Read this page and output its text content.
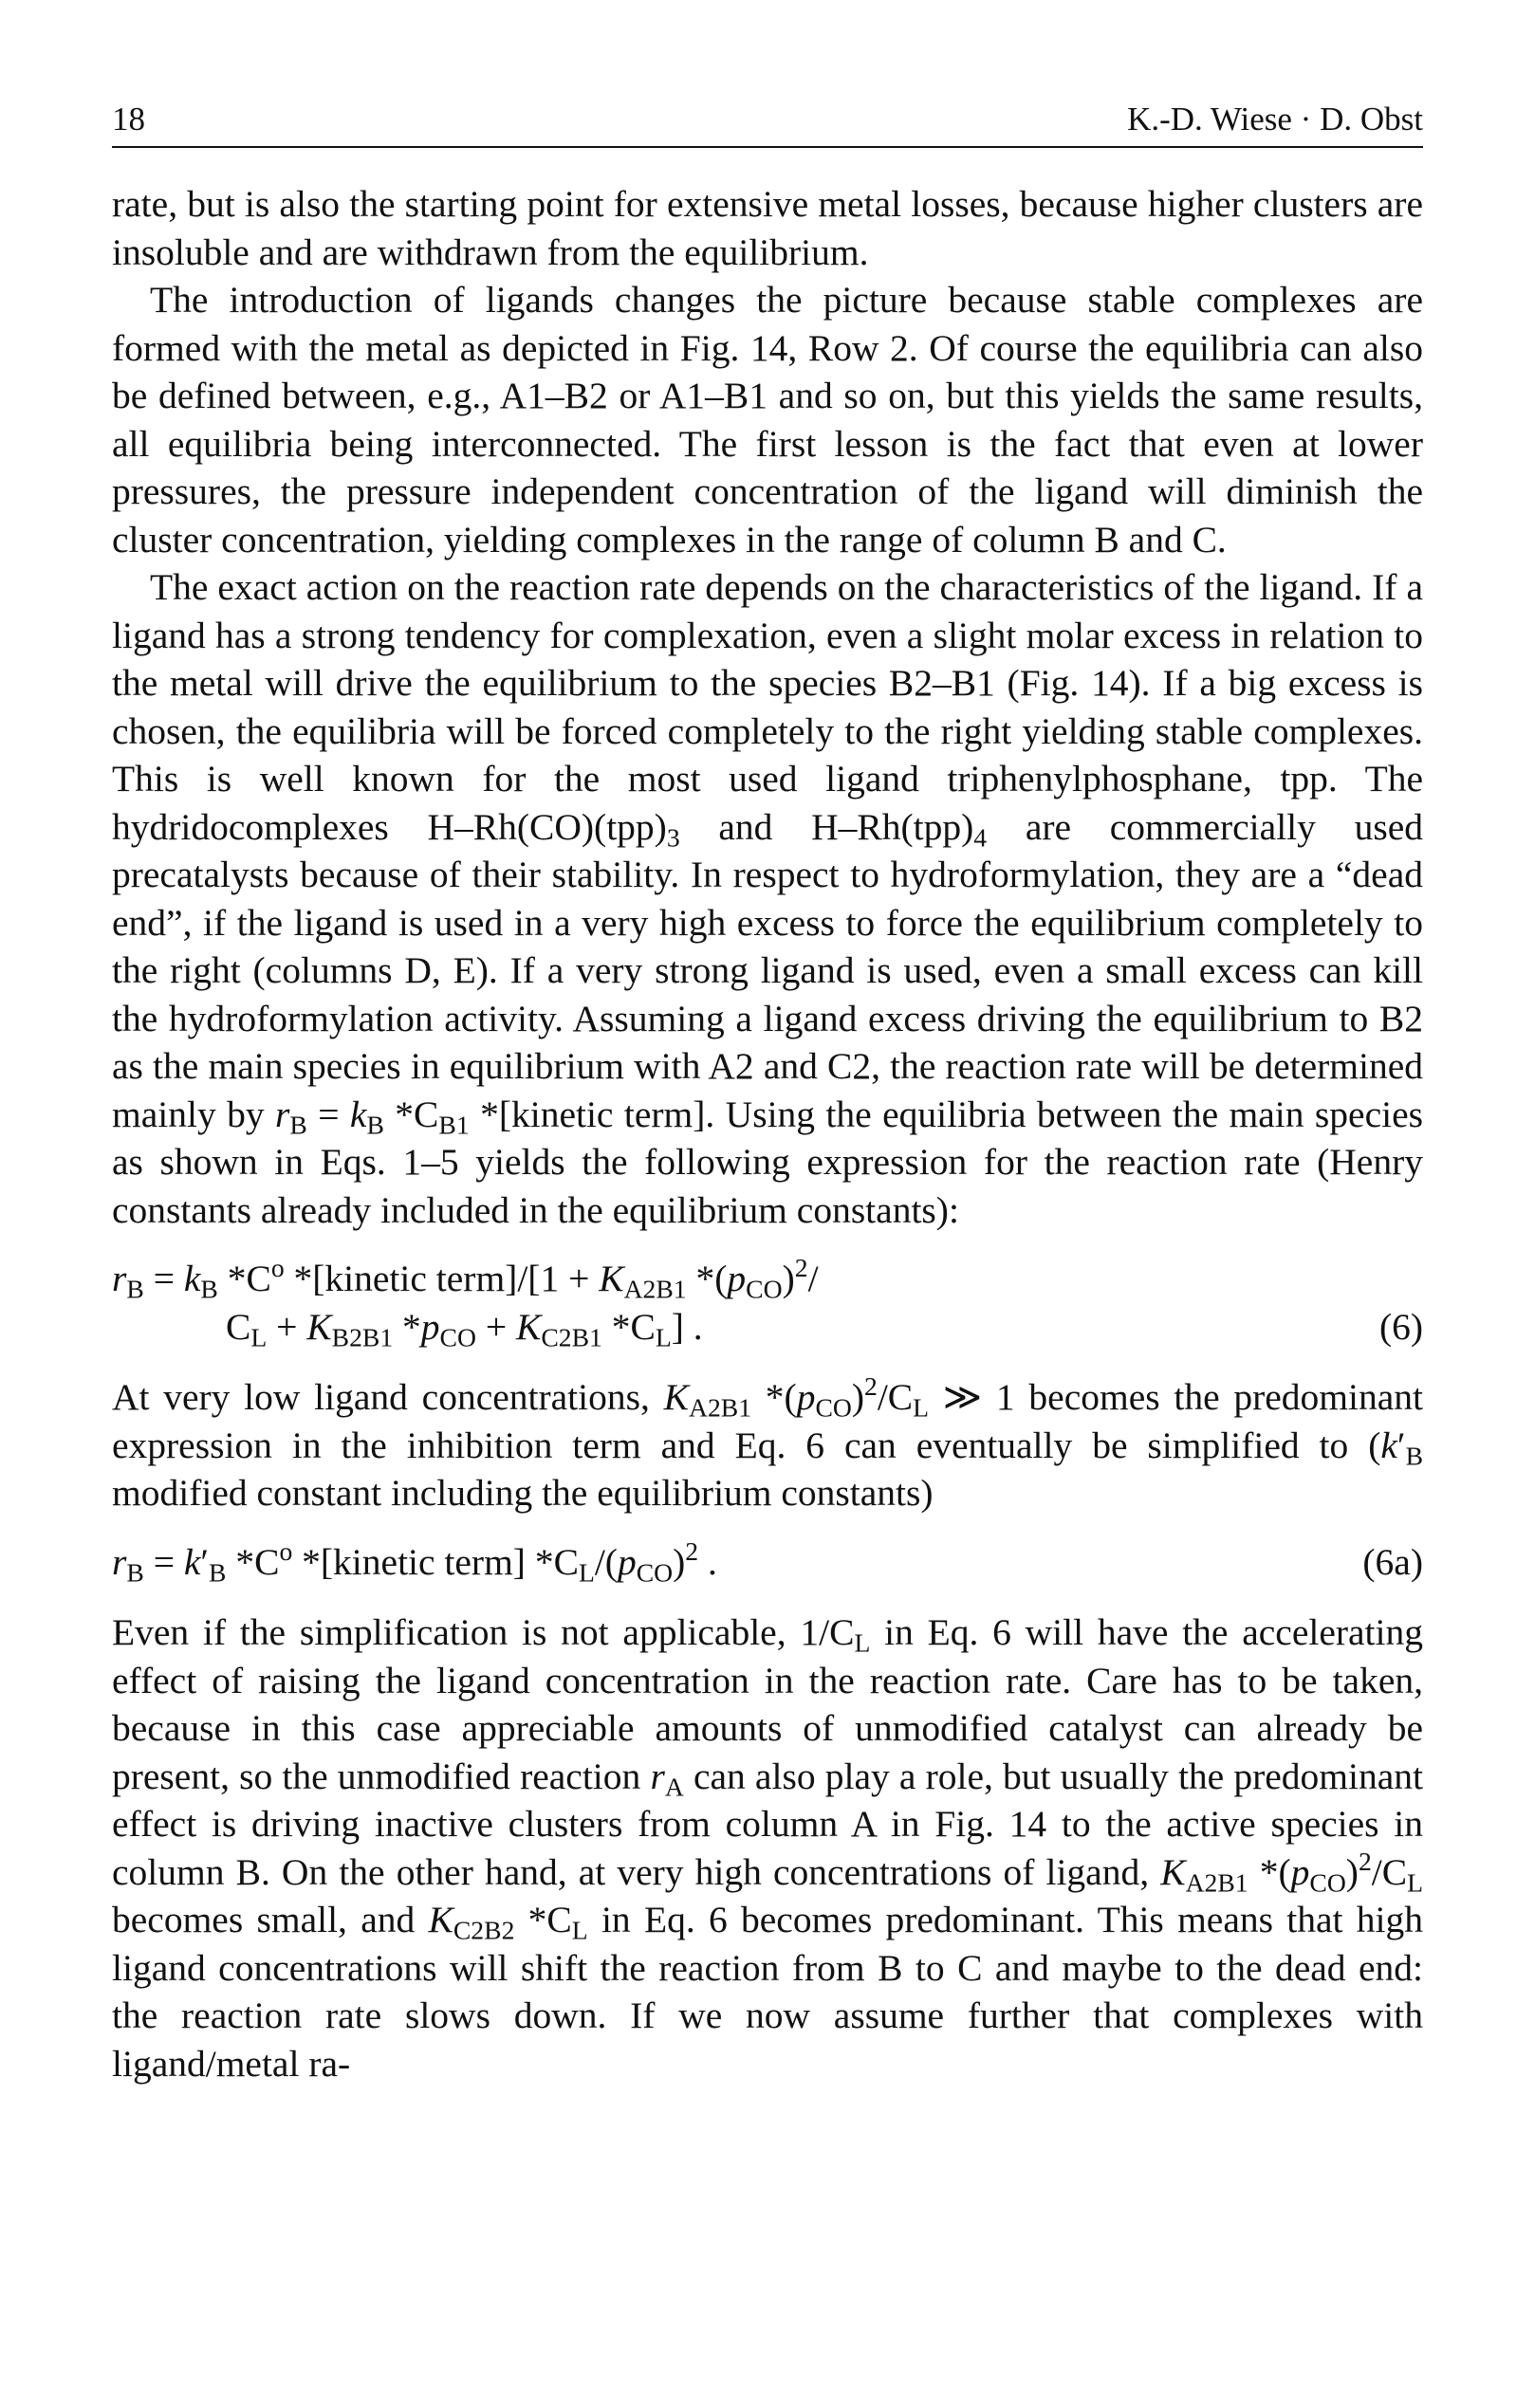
18	K.-D. Wiese · D. Obst

rate, but is also the starting point for extensive metal losses, because higher clusters are insoluble and are withdrawn from the equilibrium.

The introduction of ligands changes the picture because stable complexes are formed with the metal as depicted in Fig. 14, Row 2. Of course the equilibria can also be defined between, e.g., A1–B2 or A1–B1 and so on, but this yields the same results, all equilibria being interconnected. The first lesson is the fact that even at lower pressures, the pressure independent concentration of the ligand will diminish the cluster concentration, yielding complexes in the range of column B and C.

The exact action on the reaction rate depends on the characteristics of the ligand. If a ligand has a strong tendency for complexation, even a slight molar excess in relation to the metal will drive the equilibrium to the species B2–B1 (Fig. 14). If a big excess is chosen, the equilibria will be forced completely to the right yielding stable complexes. This is well known for the most used ligand triphenylphosphane, tpp. The hydridocomplexes $H-Rh(CO)(tpp)_3$ and $H-Rh(tpp)_4$ are commercially used precatalysts because of their stability. In respect to hydroformylation, they are a “dead end”, if the ligand is used in a very high excess to force the equilibrium completely to the right (columns D, E). If a very strong ligand is used, even a small excess can kill the hydroformylation activity. Assuming a ligand excess driving the equilibrium to B2 as the main species in equilibrium with A2 and C2, the reaction rate will be determined mainly by $r_B = k_B$ $*C_{B1}$ *[kinetic term]. Using the equilibria between the main species as shown in Eqs. 1–5 yields the following expression for the reaction rate (Henry constants already included in the equilibrium constants):

$r_B = k_B$ $*C^o$ *[kinetic term]/[1 + $K_{A2B1}$ $*(p_{CO})^2/$
$C_L + K_{B2B1}$ $*p_{CO} + K_{C2B1}$ $*C_L$] .	(6)

At very low ligand concentrations, $K_{A2B1}$ $*(p_{CO})^2/C_L$ ≫ 1 becomes the predominant expression in the inhibition term and Eq. 6 can eventually be simplified to ($k'_B$ modified constant including the equilibrium constants)

$r_B = k'_B$ $*C^o$ *[kinetic term] $*C_L/(p_{CO})^2$ .	(6a)

Even if the simplification is not applicable, $1/C_L$ in Eq. 6 will have the accelerating effect of raising the ligand concentration in the reaction rate. Care has to be taken, because in this case appreciable amounts of unmodified catalyst can already be present, so the unmodified reaction $r_A$ can also play a role, but usually the predominant effect is driving inactive clusters from column A in Fig. 14 to the active species in column B. On the other hand, at very high concentrations of ligand, $K_{A2B1}$ $*(p_{CO})^2/C_L$ becomes small, and $K_{C2B2}$ $*C_L$ in Eq. 6 becomes predominant. This means that high ligand concentrations will shift the reaction from B to C and maybe to the dead end: the reaction rate slows down. If we now assume further that complexes with ligand/metal ra-
